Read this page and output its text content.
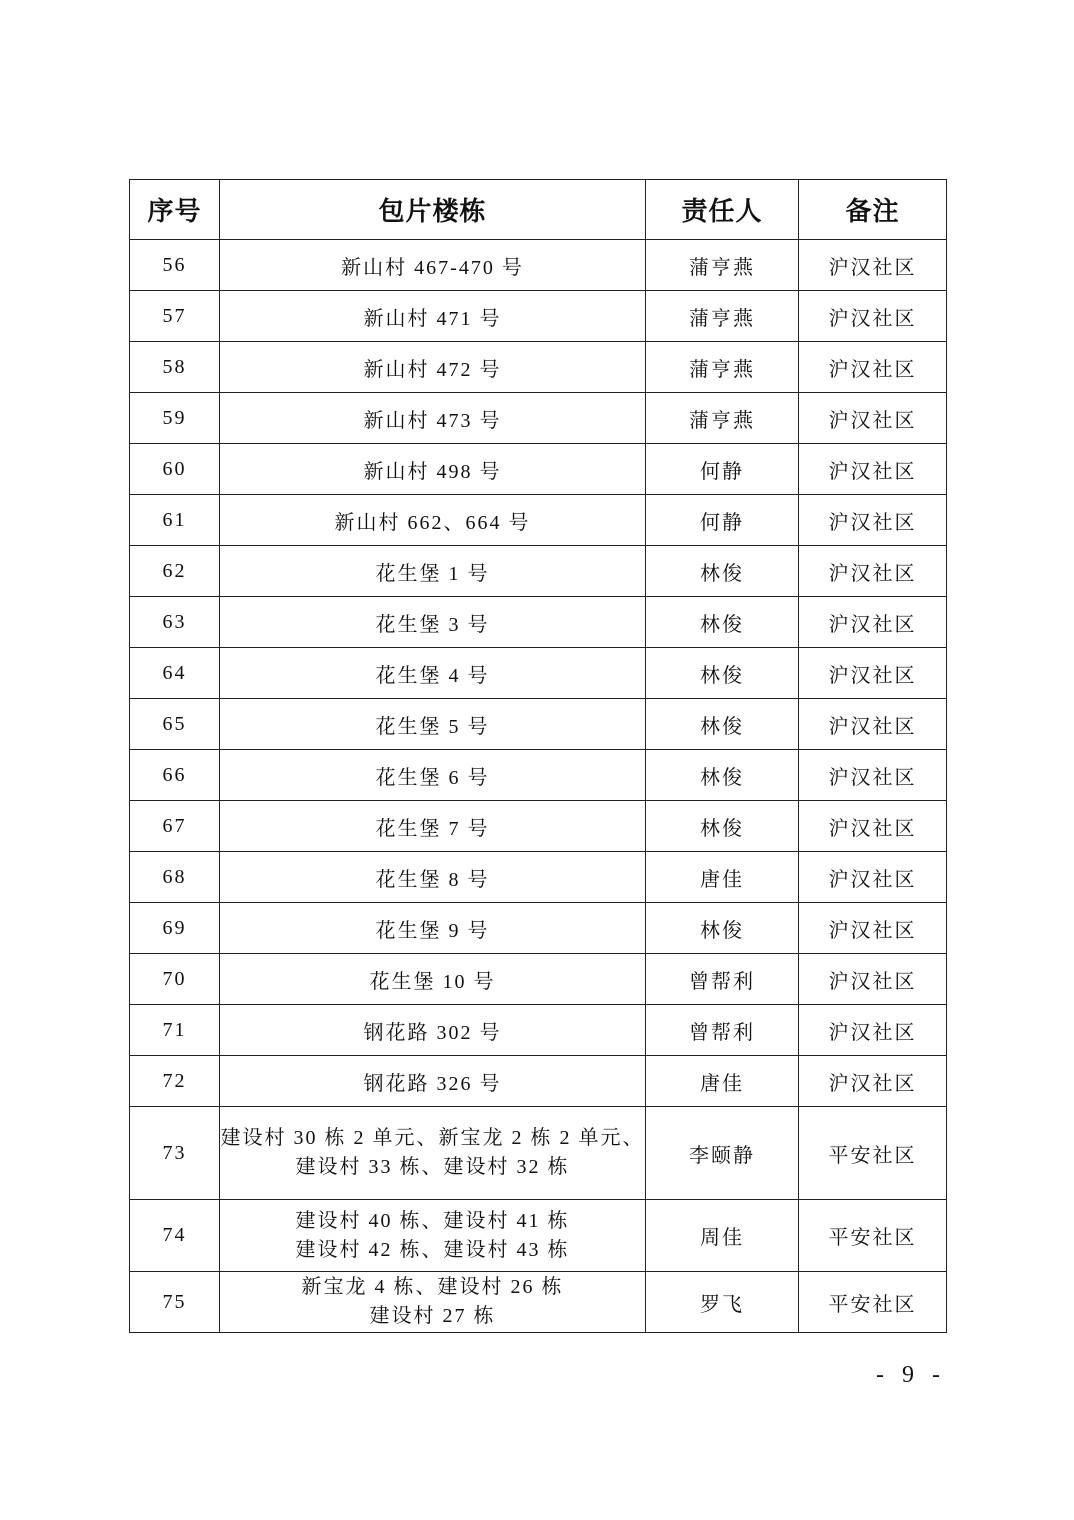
序号	包片楼栋	责任人	备注
56	新山村 467-470 号	蒲亨燕	沪汉社区
57	新山村 471 号	蒲亨燕	沪汉社区
58	新山村 472 号	蒲亨燕	沪汉社区
59	新山村 473 号	蒲亨燕	沪汉社区
60	新山村 498 号	何静	沪汉社区
61	新山村 662、664 号	何静	沪汉社区
62	花生堡 1 号	林俊	沪汉社区
63	花生堡 3 号	林俊	沪汉社区
64	花生堡 4 号	林俊	沪汉社区
65	花生堡 5 号	林俊	沪汉社区
66	花生堡 6 号	林俊	沪汉社区
67	花生堡 7 号	林俊	沪汉社区
68	花生堡 8 号	唐佳	沪汉社区
69	花生堡 9 号	林俊	沪汉社区
70	花生堡 10 号	曾帮利	沪汉社区
71	钢花路 302 号	曾帮利	沪汉社区
72	钢花路 326 号	唐佳	沪汉社区
73	建设村 30 栋 2 单元、新宝龙 2 栋 2 单元、
建设村 33 栋、建设村 32 栋	李颐静	平安社区
74	建设村 40 栋、建设村 41 栋
建设村 42 栋、建设村 43 栋	周佳	平安社区
75	新宝龙 4 栋、建设村 26 栋
建设村 27 栋	罗飞	平安社区
- 9 -
